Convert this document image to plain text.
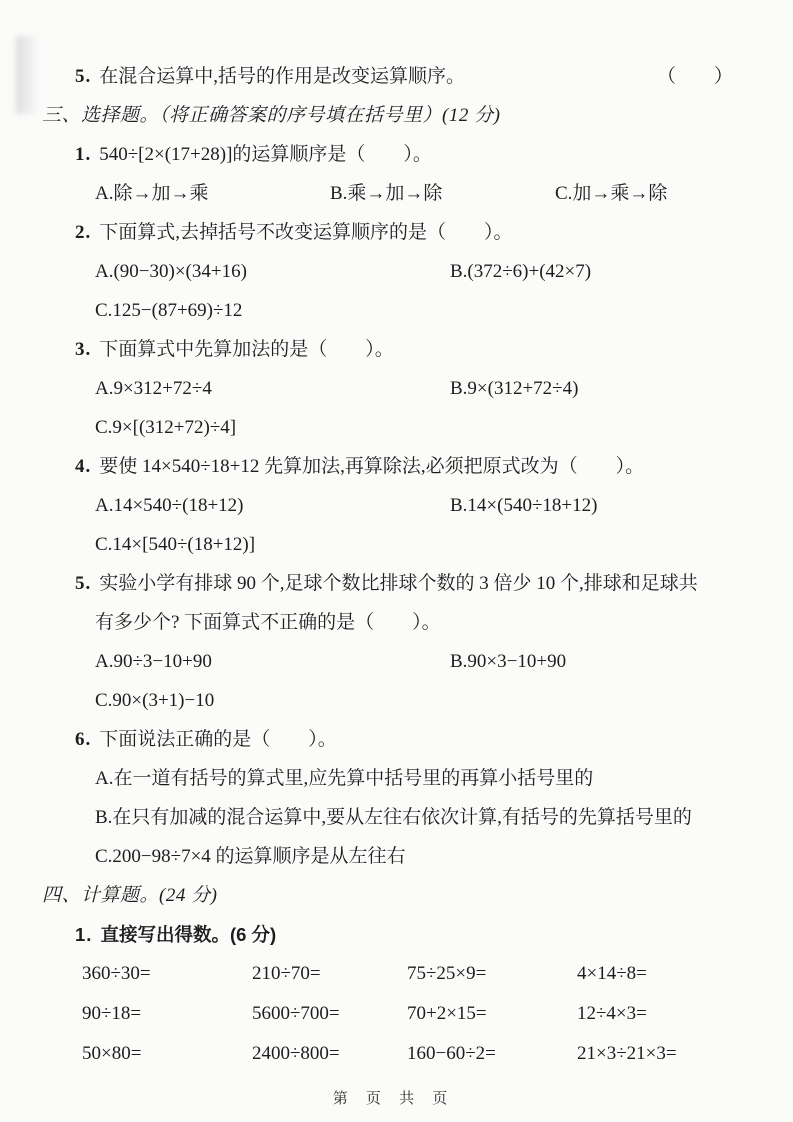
5. 在混合运算中,括号的作用是改变运算顺序。	（　　）
三、选择题。（将正确答案的序号填在括号里）(12 分)
1. 540÷[2×(17+28)]的运算顺序是（　　）。
A.除→加→乘	B.乘→加→除	C.加→乘→除
2. 下面算式,去掉括号不改变运算顺序的是（　　）。
A.(90−30)×(34+16)	B.(372÷6)+(42×7)
C.125−(87+69)÷12
3. 下面算式中先算加法的是（　　）。
A.9×312+72÷4	B.9×(312+72÷4)
C.9×[(312+72)÷4]
4. 要使 14×540÷18+12 先算加法,再算除法,必须把原式改为（　　）。
A.14×540÷(18+12)	B.14×(540÷18+12)
C.14×[540÷(18+12)]
5. 实验小学有排球 90 个,足球个数比排球个数的 3 倍少 10 个,排球和足球共
有多少个? 下面算式不正确的是（　　）。
A.90÷3−10+90	B.90×3−10+90
C.90×(3+1)−10
6. 下面说法正确的是（　　）。
A.在一道有括号的算式里,应先算中括号里的再算小括号里的
B.在只有加减的混合运算中,要从左往右依次计算,有括号的先算括号里的
C.200−98÷7×4 的运算顺序是从左往右
四、计算题。(24 分)
1. 直接写出得数。(6 分)
360÷30=	210÷70=	75÷25×9=	4×14÷8=
90÷18=	5600÷700=	70+2×15=	12÷4×3=
50×80=	2400÷800=	160−60÷2=	21×3÷21×3=
第 页 共 页
